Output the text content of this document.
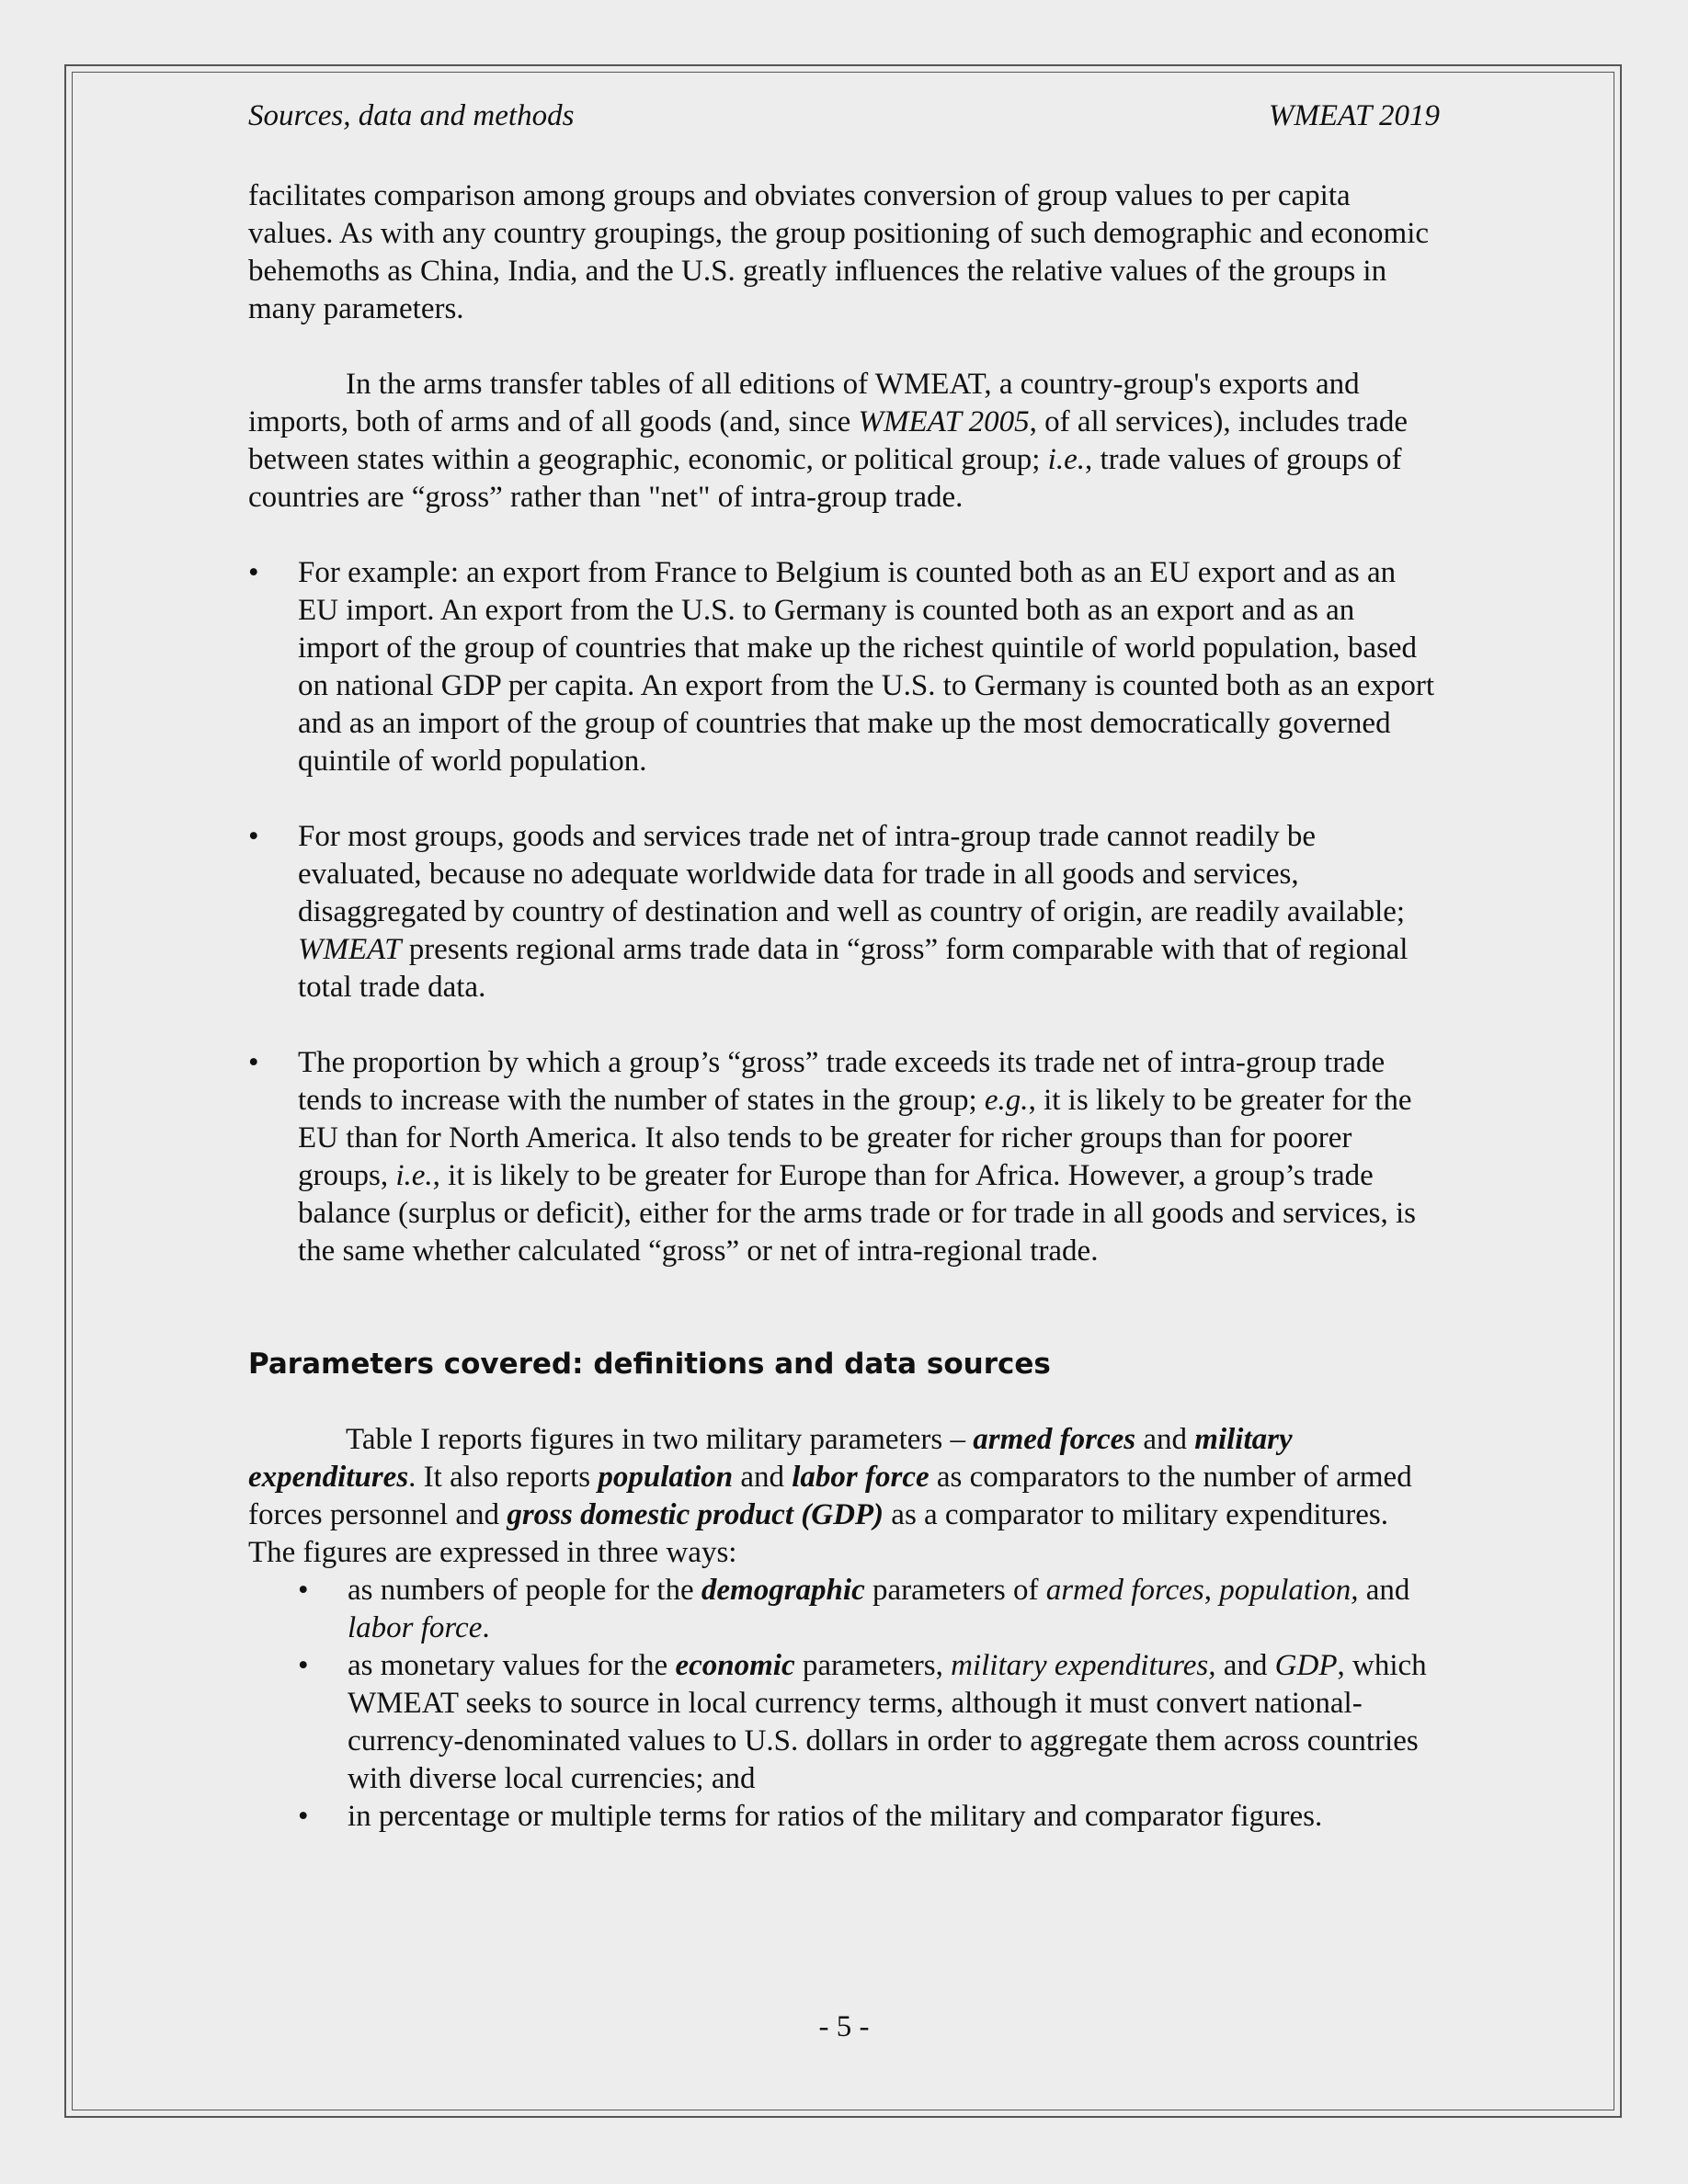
Sources, data and methods	WMEAT 2019

facilitates comparison among groups and obviates conversion of group values to per capita values. As with any country groupings, the group positioning of such demographic and economic behemoths as China, India, and the U.S. greatly influences the relative values of the groups in many parameters.

In the arms transfer tables of all editions of WMEAT, a country-group's exports and imports, both of arms and of all goods (and, since WMEAT 2005, of all services), includes trade between states within a geographic, economic, or political group; i.e., trade values of groups of countries are “gross” rather than "net" of intra-group trade.

• For example: an export from France to Belgium is counted both as an EU export and as an EU import. An export from the U.S. to Germany is counted both as an export and as an import of the group of countries that make up the richest quintile of world population, based on national GDP per capita. An export from the U.S. to Germany is counted both as an export and as an import of the group of countries that make up the most democratically governed quintile of world population.
• For most groups, goods and services trade net of intra-group trade cannot readily be evaluated, because no adequate worldwide data for trade in all goods and services, disaggregated by country of destination and well as country of origin, are readily available; WMEAT presents regional arms trade data in “gross” form comparable with that of regional total trade data.
• The proportion by which a group’s “gross” trade exceeds its trade net of intra-group trade tends to increase with the number of states in the group; e.g., it is likely to be greater for the EU than for North America. It also tends to be greater for richer groups than for poorer groups, i.e., it is likely to be greater for Europe than for Africa. However, a group’s trade balance (surplus or deficit), either for the arms trade or for trade in all goods and services, is the same whether calculated “gross” or net of intra-regional trade.
Parameters covered: definitions and data sources

Table I reports figures in two military parameters – armed forces and military expenditures. It also reports population and labor force as comparators to the number of armed forces personnel and gross domestic product (GDP) as a comparator to military expenditures. The figures are expressed in three ways:

• as numbers of people for the demographic parameters of armed forces, population, and labor force.
• as monetary values for the economic parameters, military expenditures, and GDP, which WMEAT seeks to source in local currency terms, although it must convert national-currency-denominated values to U.S. dollars in order to aggregate them across countries with diverse local currencies; and
• in percentage or multiple terms for ratios of the military and comparator figures.
- 5 -
